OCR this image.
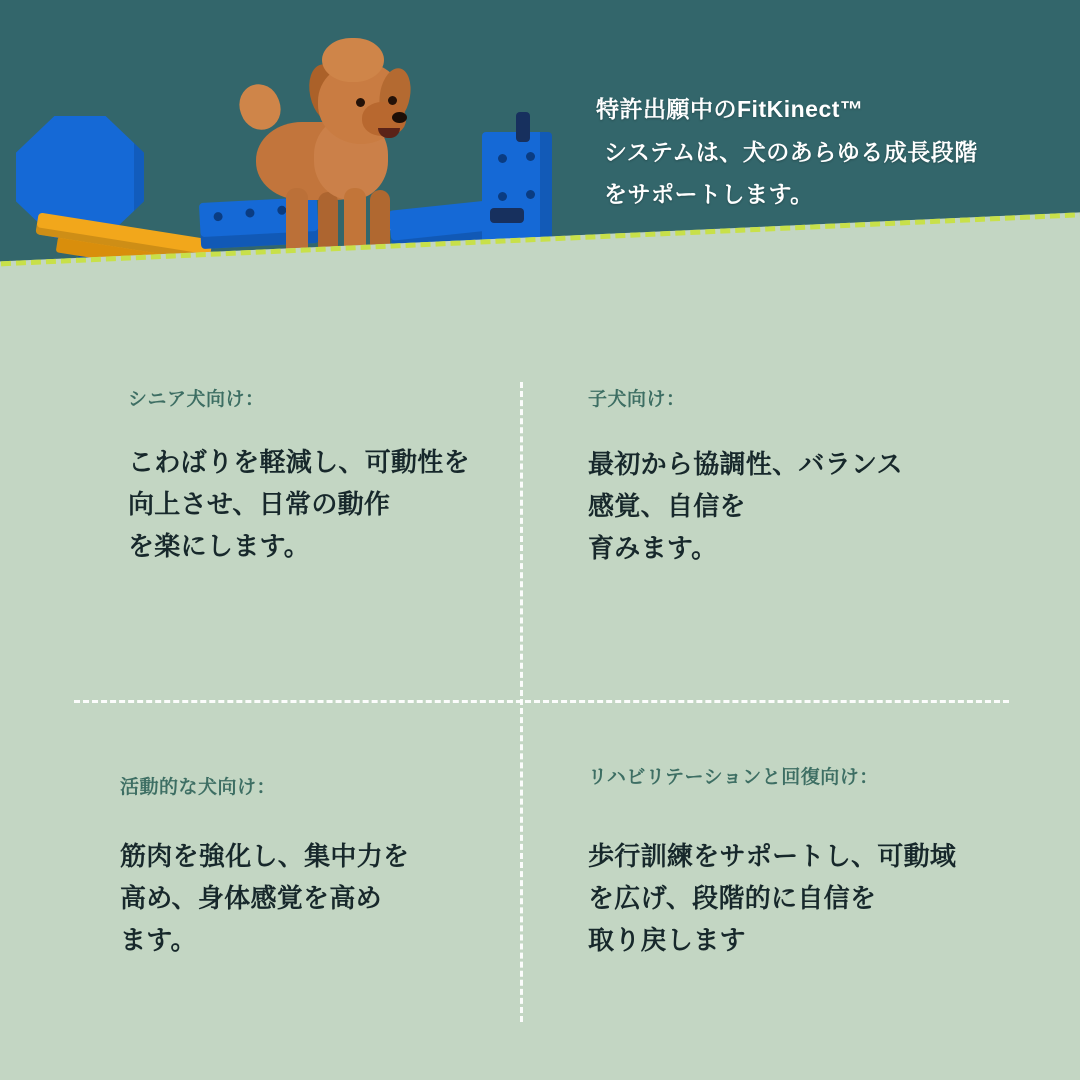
特許出願中のFitKinect™
システムは、犬のあらゆる成長段階
をサポートします。
シニア犬向け：
こわばりを軽減し、可動性を
向上させ、日常の動作
を楽にします。
子犬向け：
最初から協調性、バランス
感覚、自信を
育みます。
活動的な犬向け：
筋肉を強化し、集中力を
高め、身体感覚を高め
ます。
リハビリテーションと回復向け：
歩行訓練をサポートし、可動域
を広げ、段階的に自信を
取り戻します
